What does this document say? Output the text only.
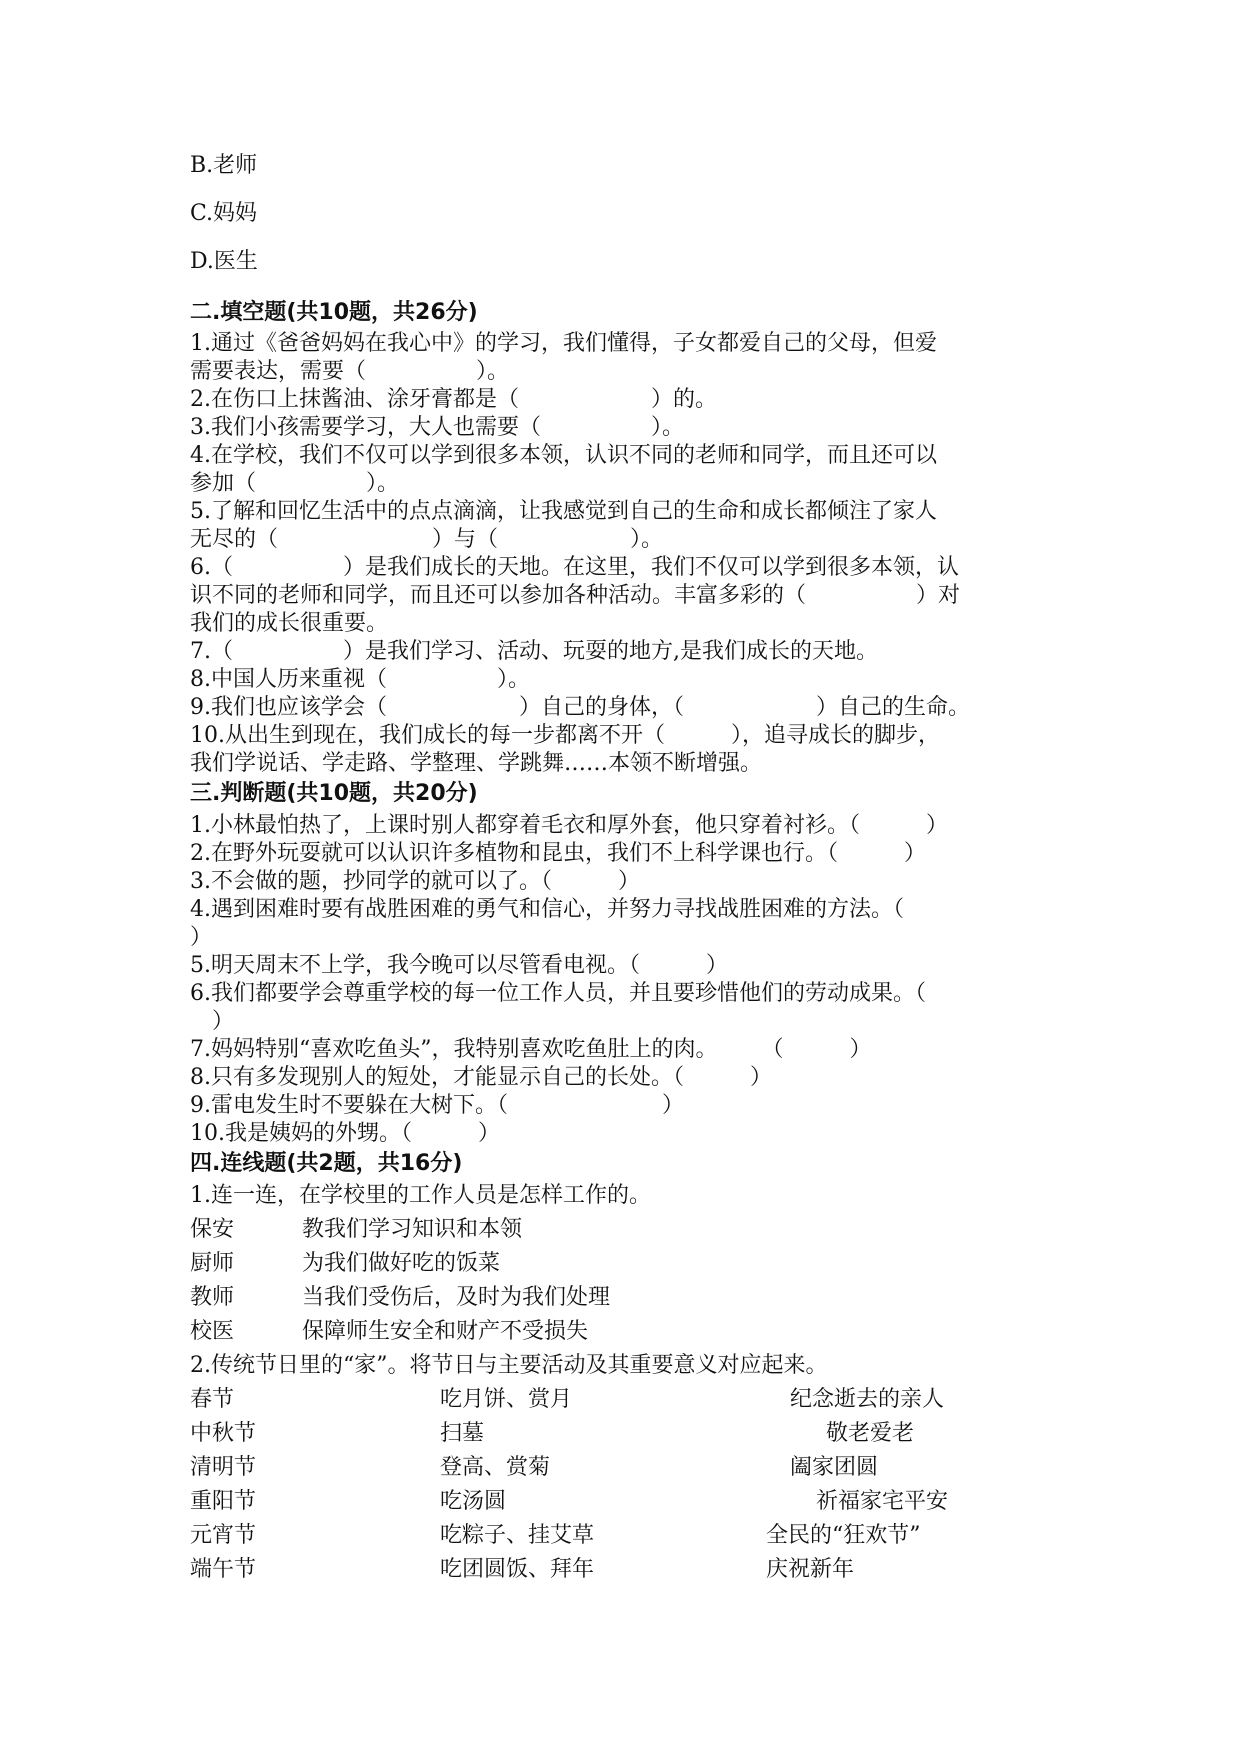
B.老师
C.妈妈
D.医生
二.填空题(共10题，共26分)
1.通过《爸爸妈妈在我心中》的学习，我们懂得，子女都爱自己的父母，但爱
需要表达，需要（　　　　　）。
2.在伤口上抹酱油、涂牙膏都是（　　　　　　）的。
3.我们小孩需要学习，大人也需要（　　　　　）。
4.在学校，我们不仅可以学到很多本领，认识不同的老师和同学，而且还可以
参加（　　　　　）。
5.了解和回忆生活中的点点滴滴，让我感觉到自己的生命和成长都倾注了家人
无尽的（　　　　　　　）与（　　　　　　）。
6.（　　　　　）是我们成长的天地。在这里，我们不仅可以学到很多本领，认
识不同的老师和同学，而且还可以参加各种活动。丰富多彩的（　　　　　）对
我们的成长很重要。
7.（　　　　　）是我们学习、活动、玩耍的地方,是我们成长的天地。
8.中国人历来重视（　　　　　）。
9.我们也应该学会（　　　　　　）自己的身体，（　　　　　　）自己的生命。
10.从出生到现在，我们成长的每一步都离不开（　　　），追寻成长的脚步，
我们学说话、学走路、学整理、学跳舞……本领不断增强。
三.判断题(共10题，共20分)
1.小林最怕热了，上课时别人都穿着毛衣和厚外套，他只穿着衬衫。（　　　）
2.在野外玩耍就可以认识许多植物和昆虫，我们不上科学课也行。（　　　）
3.不会做的题，抄同学的就可以了。（　　　）
4.遇到困难时要有战胜困难的勇气和信心，并努力寻找战胜困难的方法。（
）
5.明天周末不上学，我今晚可以尽管看电视。（　　　）
6.我们都要学会尊重学校的每一位工作人员，并且要珍惜他们的劳动成果。（
　）
7.妈妈特别“喜欢吃鱼头”，我特别喜欢吃鱼肚上的肉。　　　（　　　）
8.只有多发现别人的短处，才能显示自己的长处。（　　　）
9.雷电发生时不要躲在大树下。（　　　　　　　）
10.我是姨妈的外甥。（　　　）
四.连线题(共2题，共16分)
1.连一连，在学校里的工作人员是怎样工作的。
保安	教我们学习知识和本领
厨师	为我们做好吃的饭菜
教师	当我们受伤后，及时为我们处理
校医	保障师生安全和财产不受损失
2.传统节日里的“家”。将节日与主要活动及其重要意义对应起来。
春节	吃月饼、赏月	纪念逝去的亲人
中秋节	扫墓	敬老爱老
清明节	登高、赏菊	阖家团圆
重阳节	吃汤圆	祈福家宅平安
元宵节	吃粽子、挂艾草	全民的“狂欢节”
端午节	吃团圆饭、拜年	庆祝新年
